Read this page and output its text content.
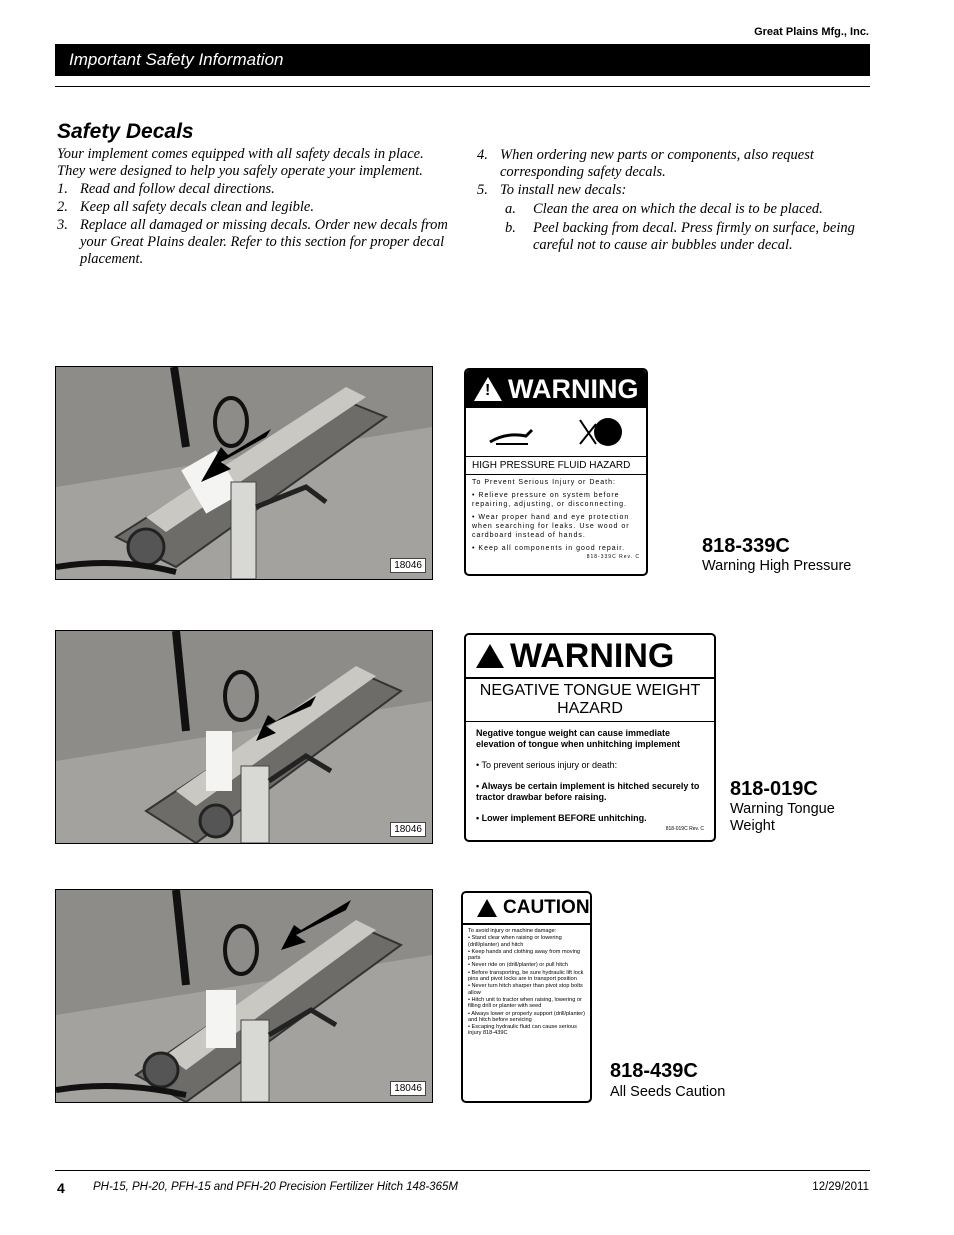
Great Plains Mfg., Inc.
Important Safety Information
Safety Decals

Your implement comes equipped with all safety decals in place. They were designed to help you safely operate your implement.

1. Read and follow decal directions.
2. Keep all safety decals clean and legible.
3. Replace all damaged or missing decals. Order new decals from your Great Plains dealer. Refer to this section for proper decal placement.
4. When ordering new parts or components, also request corresponding safety decals.
5. To install new decals:
a.	Clean the area on which the decal is to be placed.
b.	Peel backing from decal. Press firmly on surface, being careful not to cause air bubbles under decal.
18046
!
WARNING
HIGH PRESSURE FLUID HAZARD
To Prevent Serious Injury or Death:
• Relieve pressure on system before repairing, adjusting, or disconnecting.
• Wear proper hand and eye protection when searching for leaks. Use wood or cardboard instead of hands.
• Keep all components in good repair.
818-339C Rev. C	818-339C
Warning High Pressure
18046
!
WARNING
NEGATIVE TONGUE WEIGHT HAZARD
Negative tongue weight can cause immediate elevation of tongue when unhitching implement
• To prevent serious injury or death:
• Always be certain implement is hitched securely to tractor drawbar before raising.
• Lower implement BEFORE unhitching.
818-019C Rev. C
818-019C
Warning Tongue Weight
18046
!
CAUTION
To avoid injury or machine damage:
• Stand clear when raising or lowering (drill/planter) and hitch
• Keep hands and clothing away from moving parts
• Never ride on (drill/planter) or pull hitch
• Before transporting, be sure hydraulic lift lock pins and pivot locks are in transport position
• Never turn hitch sharper than pivot stop bolts allow
• Hitch unit to tractor when raising, lowering or filling drill or planter with seed
• Always lower or properly support (drill/planter) and hitch before servicing
• Escaping hydraulic fluid can cause serious injury 818-439C
818-439C
All Seeds Caution
4 PH-15, PH-20, PFH-15 and PFH-20 Precision Fertilizer Hitch 148-365M	12/29/2011
